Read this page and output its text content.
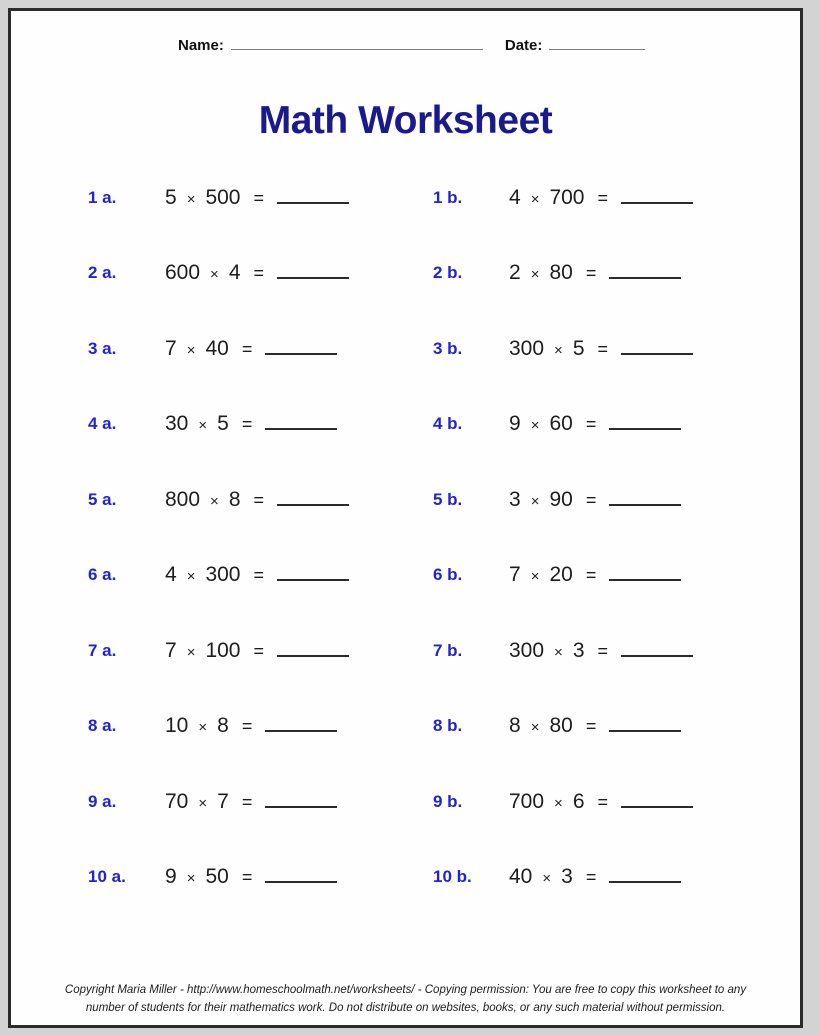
Name:	Date:
Math Worksheet
1 a.	5 × 500 =	1 b.	4 × 700 =
2 a.	600 × 4 =	2 b.	2 × 80 =
3 a.	7 × 40 =	3 b.	300 × 5 =
4 a.	30 × 5 =	4 b.	9 × 60 =
5 a.	800 × 8 =	5 b.	3 × 90 =
6 a.	4 × 300 =	6 b.	7 × 20 =
7 a.	7 × 100 =	7 b.	300 × 3 =
8 a.	10 × 8 =	8 b.	8 × 80 =
9 a.	70 × 7 =	9 b.	700 × 6 =
10 a.	9 × 50 =	10 b.	40 × 3 =
Copyright Maria Miller - http://www.homeschoolmath.net/worksheets/ - Copying permission: You are free to copy this worksheet to any
number of students for their mathematics work. Do not distribute on websites, books, or any such material without permission.
